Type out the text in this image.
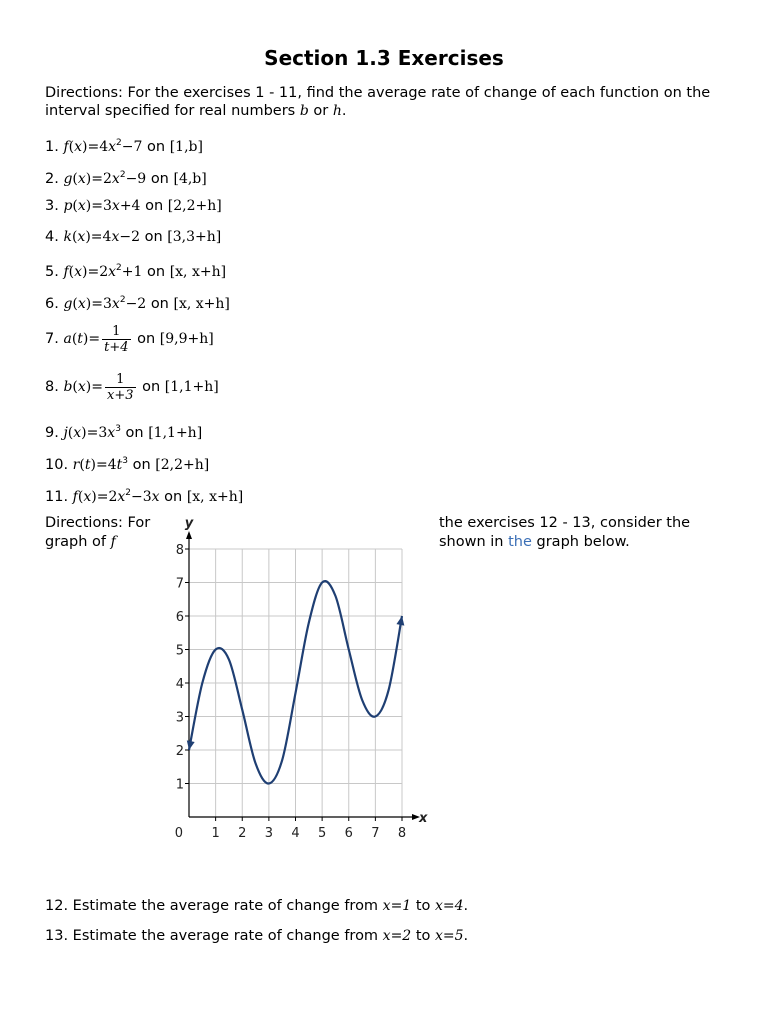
Section 1.3 Exercises
Directions: For the exercises 1 - 11, find the average rate of change of each function on the interval specified for real numbers b or h.
1. $f(x)=4x^2-7$ on [1,b]
2. $g(x)=2x^2-9$ on [4,b]
3. p(x)=3x+4 on [2,2+h]
4. k(x)=4x−2 on [3,3+h]
5. $f(x)=2x^2+1$ on [x, x+h]
6. $g(x)=3x^2-2$ on [x, x+h]
7. $a(t)= \frac{1}{t+4}$ on [9,9+h]
8. $b(x)= \frac{1}{x+3}$ on [1,1+h]
9. $j(x)=3x^3$ on [1,1+h]
10. $r(t)=4t^3$ on [2,2+h]
11. $f(x)=2x^2-3x$ on [x, x+h]
Directions: For
graph of f
the exercises 12 - 13, consider the
shown in the graph below.
1 2 3 4 5 6 7 8
1
2
3
4
5
6
7
8
0
x
y
12. Estimate the average rate of change from x=1 to x=4.
13. Estimate the average rate of change from x=2 to x=5.
